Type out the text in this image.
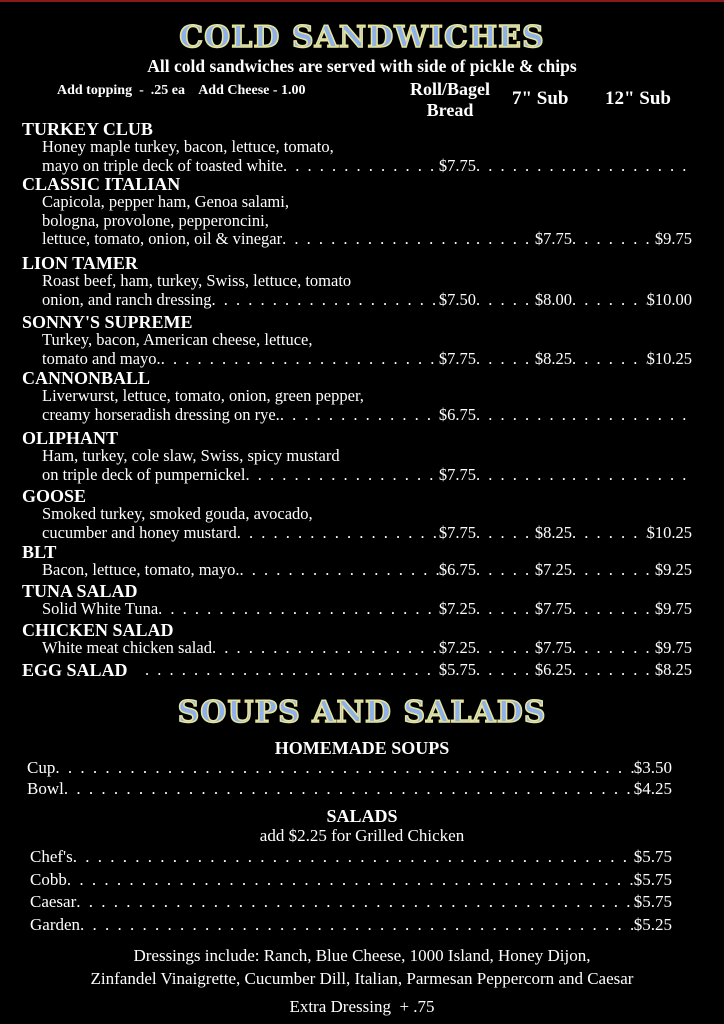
COLD SANDWICHES
All cold sandwiches are served with side of pickle & chips
Add topping  -  .25 ea    Add Cheese - 1.00	Roll/Bagel
Bread
7" Sub 12" Sub
TURKEY CLUB
Honey maple turkey, bacon, lettuce, tomato,
mayo on triple deck of toasted white . . .	$7.75
. . .
. . .
CLASSIC ITALIAN
Capicola, pepper ham, Genoa salami,
bologna, provolone, pepperoncini,
lettuce, tomato, onion, oil & vinegar . . . . . .	$7.75 . . .	$9.75
LION TAMER
Roast beef, ham, turkey, Swiss, lettuce, tomato
onion, and ranch dressing . . .	$7.50 . . .	$8.00 . . .	$10.00
SONNY'S SUPREME
Turkey, bacon, American cheese, lettuce,
tomato and mayo. . . .	$7.75 . . .	$8.25 . . .	$10.25
CANNONBALL
Liverwurst, lettuce, tomato, onion, green pepper,
creamy horseradish dressing on rye. . . .	$6.75
. . .
. . .
OLIPHANT
Ham, turkey, cole slaw, Swiss, spicy mustard
on triple deck of pumpernickel . . .	$7.75
. . .
. . .
GOOSE
Smoked turkey, smoked gouda, avocado,
cucumber and honey mustard . . .	$7.75 . . .	$8.25 . . .	$10.25
BLT
Bacon, lettuce, tomato, mayo. . . .	$6.75 . . .	$7.25 . . .	$9.25
TUNA SALAD
Solid White Tuna . . .	$7.25 . . .	$7.75 . . .	$9.75
CHICKEN SALAD
White meat chicken salad . . .	$7.25 . . .	$7.75 . . .	$9.75
EGG SALAD . . .	$5.75 . . .	$6.25 . . .	$8.25
SOUPS AND SALADS
HOMEMADE SOUPS
Cup . . .	$3.50
Bowl . . .	$4.25
SALADS
add $2.25 for Grilled Chicken
Chef's . . .	$5.75
Cobb . . .	$5.75
Caesar . . .	$5.75
Garden . . .	$5.25
Dressings include: Ranch, Blue Cheese, 1000 Island, Honey Dijon,
Zinfandel Vinaigrette, Cucumber Dill, Italian, Parmesan Peppercorn and Caesar
Extra Dressing  + .75
